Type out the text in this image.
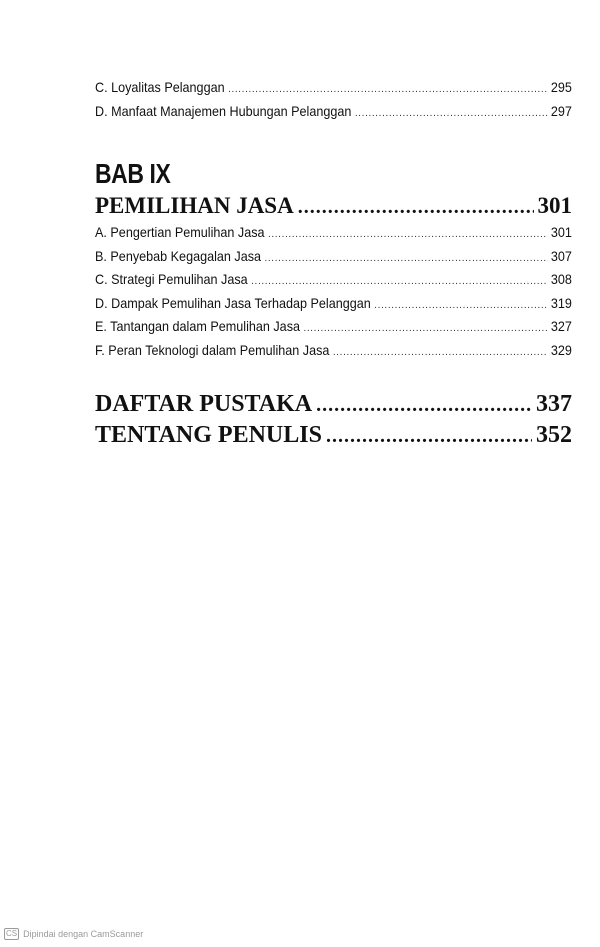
C. Loyalitas Pelanggan .....	295
D. Manfaat Manajemen Hubungan Pelanggan .....	297
BAB IX
PEMILIHAN JASA .....	301
A. Pengertian Pemulihan Jasa .....	301
B. Penyebab Kegagalan Jasa .....	307
C. Strategi Pemulihan Jasa .....	308
D. Dampak Pemulihan Jasa Terhadap Pelanggan .....	319
E. Tantangan dalam Pemulihan Jasa .....	327
F. Peran Teknologi dalam Pemulihan Jasa .....	329
DAFTAR PUSTAKA .....	337
TENTANG PENULIS .....	352
CS Dipindai dengan CamScanner
